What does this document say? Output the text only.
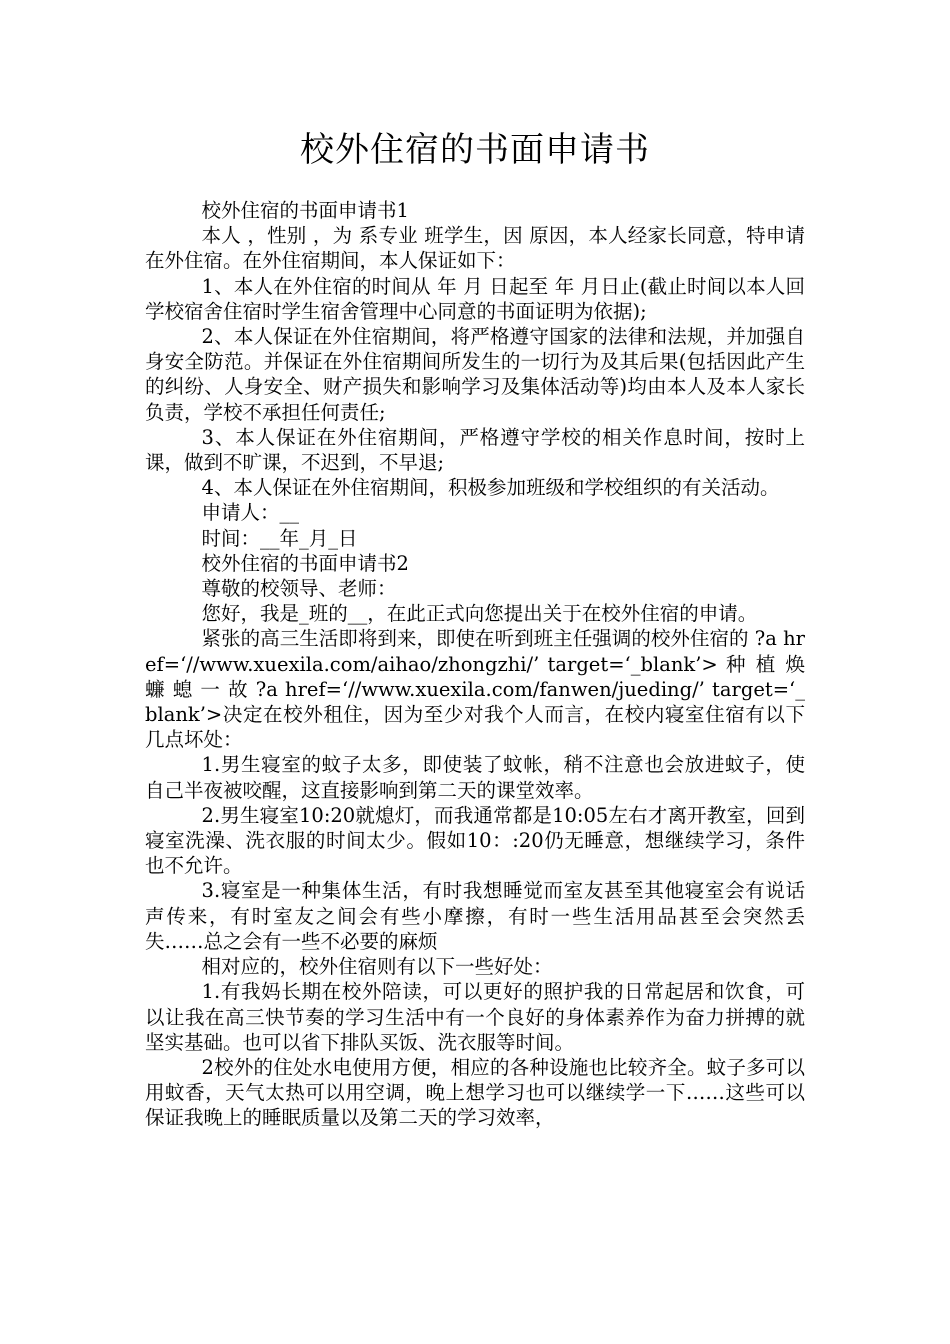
校外住宿的书面申请书

校外住宿的书面申请书1

本人 ，性别 ，为 系专业 班学生，因 原因，本人经家长同意，特申请在外住宿。在外住宿期间，本人保证如下：

1、本人在外住宿的时间从 年 月 日起至 年 月日止(截止时间以本人回学校宿舍住宿时学生宿舍管理中心同意的书面证明为依据);

2、本人保证在外住宿期间，将严格遵守国家的法律和法规，并加强自身安全防范。并保证在外住宿期间所发生的一切行为及其后果(包括因此产生的纠纷、人身安全、财产损失和影响学习及集体活动等)均由本人及本人家长负责，学校不承担任何责任;

3、本人保证在外住宿期间，严格遵守学校的相关作息时间，按时上课，做到不旷课，不迟到，不早退;

4、本人保证在外住宿期间，积极参加班级和学校组织的有关活动。

申请人：__

时间：__年_月_日

校外住宿的书面申请书2

尊敬的校领导、老师：

您好，我是_班的__，在此正式向您提出关于在校外住宿的申请。

紧张的高三生活即将到来，即使在听到班主任强调的校外住宿的 ?a href=‘//www.xuexila.com/aihao/zhongzhi/’ target=‘_blank’> 种 植 焕 蠊 螅 一 故 ?a href=‘//www.xuexila.com/fanwen/jueding/’ target=‘_blank’>决定在校外租住，因为至少对我个人而言，在校内寝室住宿有以下几点坏处：

1.男生寝室的蚊子太多，即使装了蚊帐，稍不注意也会放进蚊子，使自己半夜被咬醒，这直接影响到第二天的课堂效率。

2.男生寝室10:20就熄灯，而我通常都是10:05左右才离开教室，回到寝室洗澡、洗衣服的时间太少。假如10：:20仍无睡意，想继续学习，条件也不允许。

3.寝室是一种集体生活，有时我想睡觉而室友甚至其他寝室会有说话声传来，有时室友之间会有些小摩擦，有时一些生活用品甚至会突然丢失……总之会有一些不必要的麻烦

相对应的，校外住宿则有以下一些好处：

1.有我妈长期在校外陪读，可以更好的照护我的日常起居和饮食，可以让我在高三快节奏的学习生活中有一个良好的身体素养作为奋力拼搏的就坚实基础。也可以省下排队买饭、洗衣服等时间。

2校外的住处水电使用方便，相应的各种设施也比较齐全。蚊子多可以用蚊香，天气太热可以用空调，晚上想学习也可以继续学一下……这些可以保证我晚上的睡眠质量以及第二天的学习效率，
